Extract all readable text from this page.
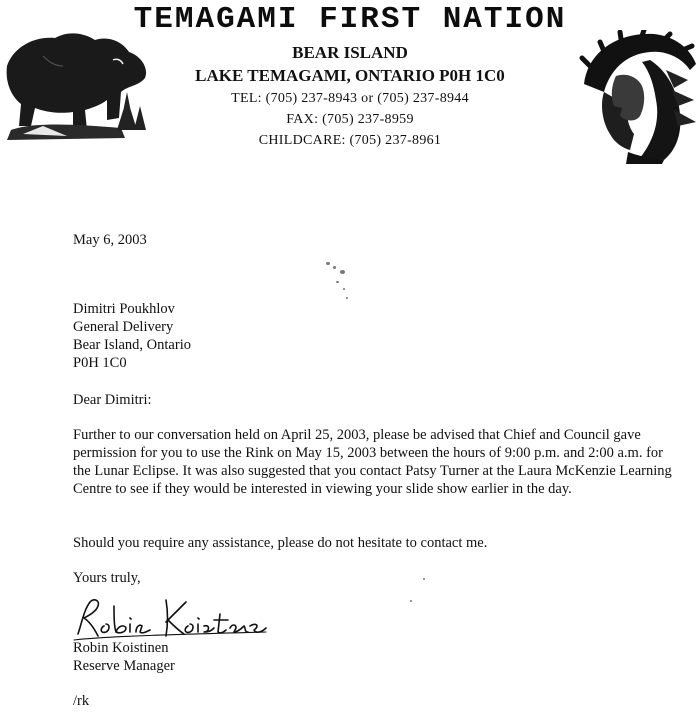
TEMAGAMI FIRST NATION
BEAR ISLAND
LAKE TEMAGAMI, ONTARIO P0H 1C0
TEL: (705) 237-8943 or (705) 237-8944
FAX: (705) 237-8959
CHILDCARE: (705) 237-8961
May 6, 2003
Dimitri Poukhlov
General Delivery
Bear Island, Ontario
P0H 1C0
Dear Dimitri:
Further to our conversation held on April 25, 2003, please be advised that Chief and Council gave permission for you to use the Rink on May 15, 2003 between the hours of 9:00 p.m. and 2:00 a.m. for the Lunar Eclipse. It was also suggested that you contact Patsy Turner at the Laura McKenzie Learning Centre to see if they would be interested in viewing your slide show earlier in the day.
Should you require any assistance, please do not hesitate to contact me.
Yours truly,
Robin Koistinen
Reserve Manager
/rk
